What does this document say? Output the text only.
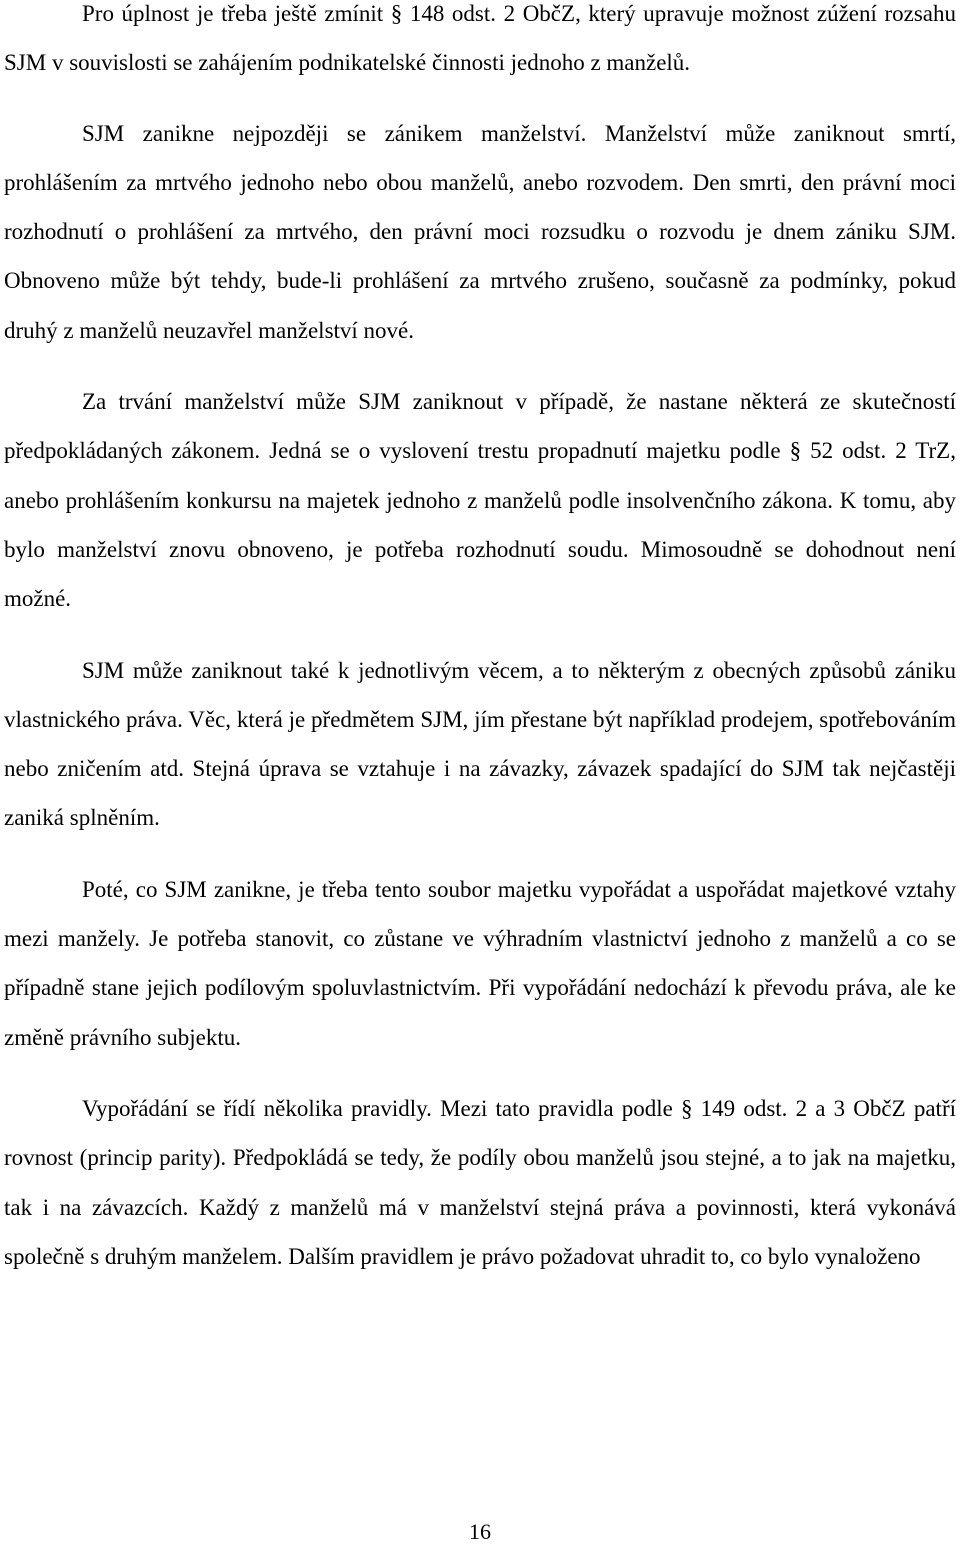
Pro úplnost je třeba ještě zmínit § 148 odst. 2 ObčZ, který upravuje možnost zúžení rozsahu SJM v souvislosti se zahájením podnikatelské činnosti jednoho z manželů.

SJM zanikne nejpozději se zánikem manželství. Manželství může zaniknout smrtí, prohlášením za mrtvého jednoho nebo obou manželů, anebo rozvodem. Den smrti, den právní moci rozhodnutí o prohlášení za mrtvého, den právní moci rozsudku o rozvodu je dnem zániku SJM. Obnoveno může být tehdy, bude-li prohlášení za mrtvého zrušeno, současně za podmínky, pokud druhý z manželů neuzavřel manželství nové.

Za trvání manželství může SJM zaniknout v případě, že nastane některá ze skutečností předpokládaných zákonem. Jedná se o vyslovení trestu propadnutí majetku podle § 52 odst. 2 TrZ, anebo prohlášením konkursu na majetek jednoho z manželů podle insolvenčního zákona. K tomu, aby bylo manželství znovu obnoveno, je potřeba rozhodnutí soudu. Mimosoudně se dohodnout není možné.

SJM může zaniknout také k jednotlivým věcem, a to některým z obecných způsobů zániku vlastnického práva. Věc, která je předmětem SJM, jím přestane být například prodejem, spotřebováním nebo zničením atd. Stejná úprava se vztahuje i na závazky, závazek spadající do SJM tak nejčastěji zaniká splněním.

Poté, co SJM zanikne, je třeba tento soubor majetku vypořádat a uspořádat majetkové vztahy mezi manžely. Je potřeba stanovit, co zůstane ve výhradním vlastnictví jednoho z manželů a co se případně stane jejich podílovým spoluvlastnictvím. Při vypořádání nedochází k převodu práva, ale ke změně právního subjektu.

Vypořádání se řídí několika pravidly. Mezi tato pravidla podle § 149 odst. 2 a 3 ObčZ patří rovnost (princip parity). Předpokládá se tedy, že podíly obou manželů jsou stejné, a to jak na majetku, tak i na závazcích. Každý z manželů má v manželství stejná práva a povinnosti, která vykonává společně s druhým manželem. Dalším pravidlem je právo požadovat uhradit to, co bylo vynaloženo

16
